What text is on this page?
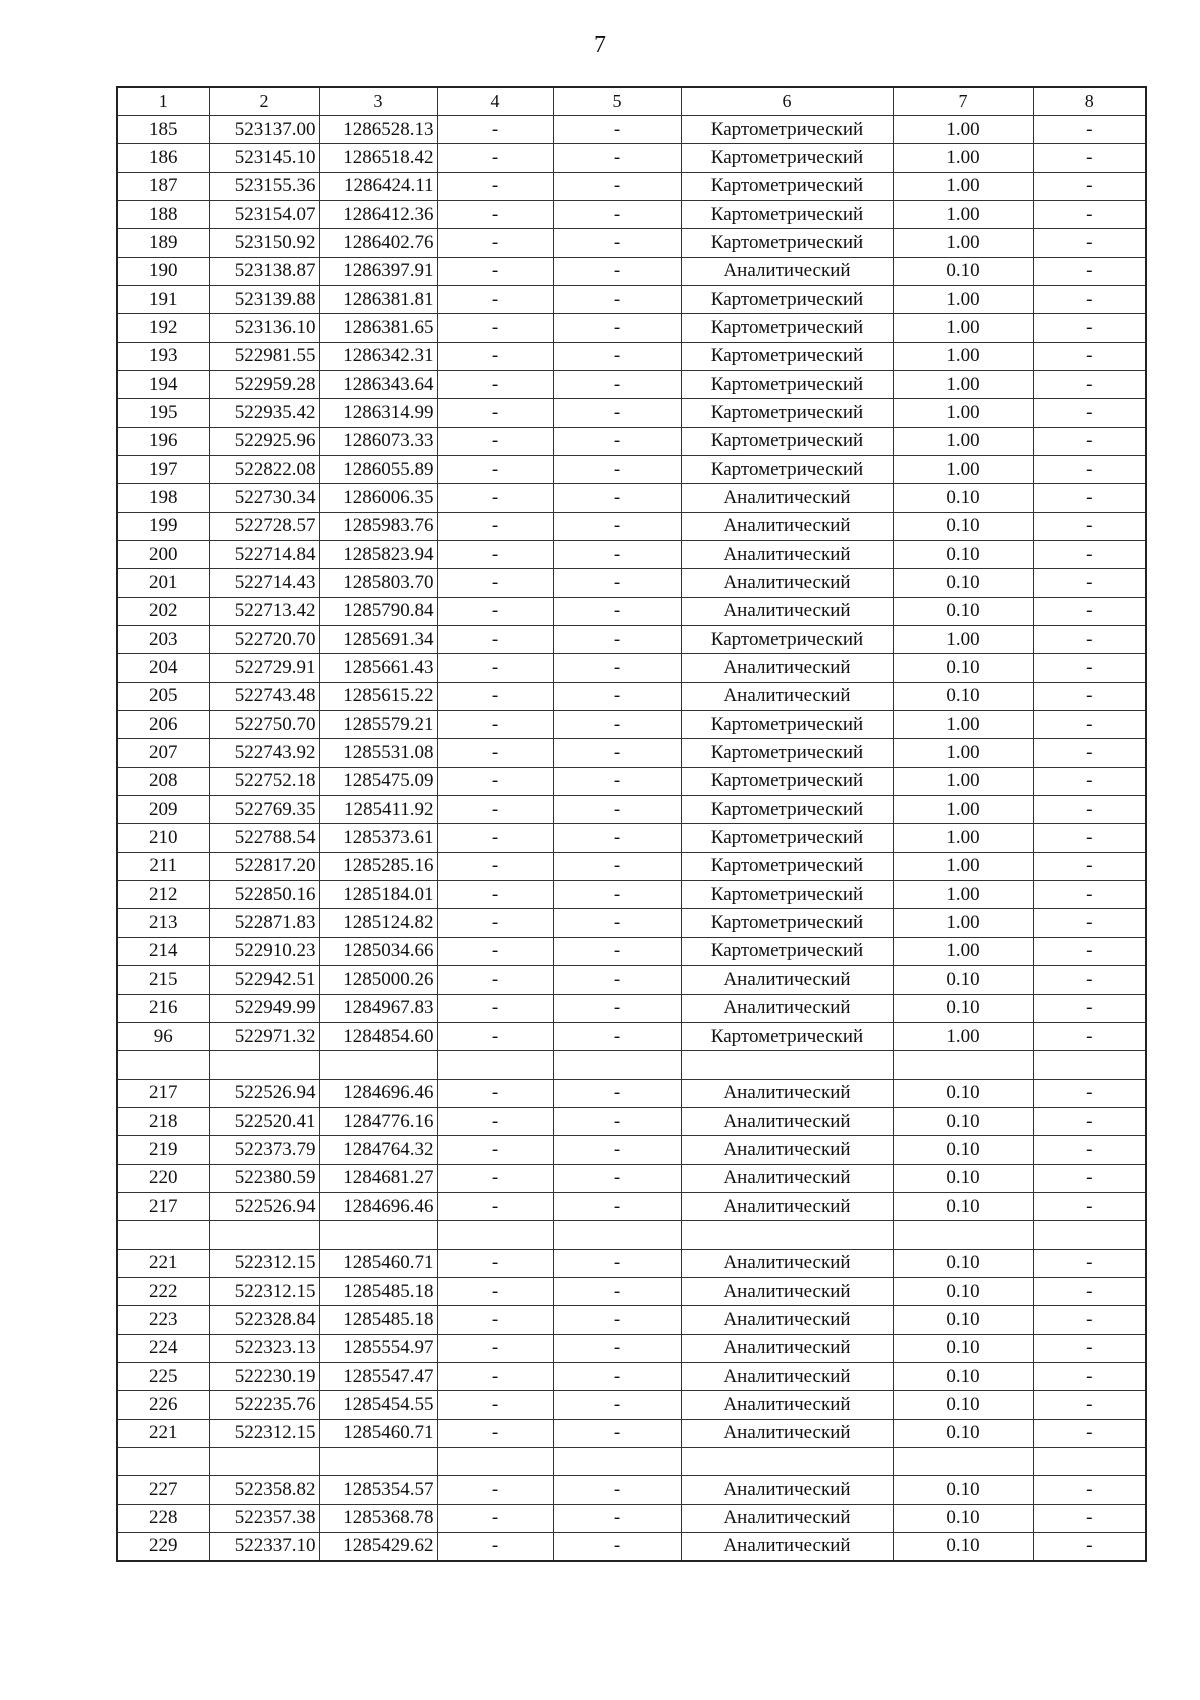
7
1	2	3	4	5	6	7	8
185	523137.00	1286528.13	-	-	Картометрический	1.00	-
186	523145.10	1286518.42	-	-	Картометрический	1.00	-
187	523155.36	1286424.11	-	-	Картометрический	1.00	-
188	523154.07	1286412.36	-	-	Картометрический	1.00	-
189	523150.92	1286402.76	-	-	Картометрический	1.00	-
190	523138.87	1286397.91	-	-	Аналитический	0.10	-
191	523139.88	1286381.81	-	-	Картометрический	1.00	-
192	523136.10	1286381.65	-	-	Картометрический	1.00	-
193	522981.55	1286342.31	-	-	Картометрический	1.00	-
194	522959.28	1286343.64	-	-	Картометрический	1.00	-
195	522935.42	1286314.99	-	-	Картометрический	1.00	-
196	522925.96	1286073.33	-	-	Картометрический	1.00	-
197	522822.08	1286055.89	-	-	Картометрический	1.00	-
198	522730.34	1286006.35	-	-	Аналитический	0.10	-
199	522728.57	1285983.76	-	-	Аналитический	0.10	-
200	522714.84	1285823.94	-	-	Аналитический	0.10	-
201	522714.43	1285803.70	-	-	Аналитический	0.10	-
202	522713.42	1285790.84	-	-	Аналитический	0.10	-
203	522720.70	1285691.34	-	-	Картометрический	1.00	-
204	522729.91	1285661.43	-	-	Аналитический	0.10	-
205	522743.48	1285615.22	-	-	Аналитический	0.10	-
206	522750.70	1285579.21	-	-	Картометрический	1.00	-
207	522743.92	1285531.08	-	-	Картометрический	1.00	-
208	522752.18	1285475.09	-	-	Картометрический	1.00	-
209	522769.35	1285411.92	-	-	Картометрический	1.00	-
210	522788.54	1285373.61	-	-	Картометрический	1.00	-
211	522817.20	1285285.16	-	-	Картометрический	1.00	-
212	522850.16	1285184.01	-	-	Картометрический	1.00	-
213	522871.83	1285124.82	-	-	Картометрический	1.00	-
214	522910.23	1285034.66	-	-	Картометрический	1.00	-
215	522942.51	1285000.26	-	-	Аналитический	0.10	-
216	522949.99	1284967.83	-	-	Аналитический	0.10	-
96	522971.32	1284854.60	-	-	Картометрический	1.00	-

217	522526.94	1284696.46	-	-	Аналитический	0.10	-
218	522520.41	1284776.16	-	-	Аналитический	0.10	-
219	522373.79	1284764.32	-	-	Аналитический	0.10	-
220	522380.59	1284681.27	-	-	Аналитический	0.10	-
217	522526.94	1284696.46	-	-	Аналитический	0.10	-

221	522312.15	1285460.71	-	-	Аналитический	0.10	-
222	522312.15	1285485.18	-	-	Аналитический	0.10	-
223	522328.84	1285485.18	-	-	Аналитический	0.10	-
224	522323.13	1285554.97	-	-	Аналитический	0.10	-
225	522230.19	1285547.47	-	-	Аналитический	0.10	-
226	522235.76	1285454.55	-	-	Аналитический	0.10	-
221	522312.15	1285460.71	-	-	Аналитический	0.10	-

227	522358.82	1285354.57	-	-	Аналитический	0.10	-
228	522357.38	1285368.78	-	-	Аналитический	0.10	-
229	522337.10	1285429.62	-	-	Аналитический	0.10	-
